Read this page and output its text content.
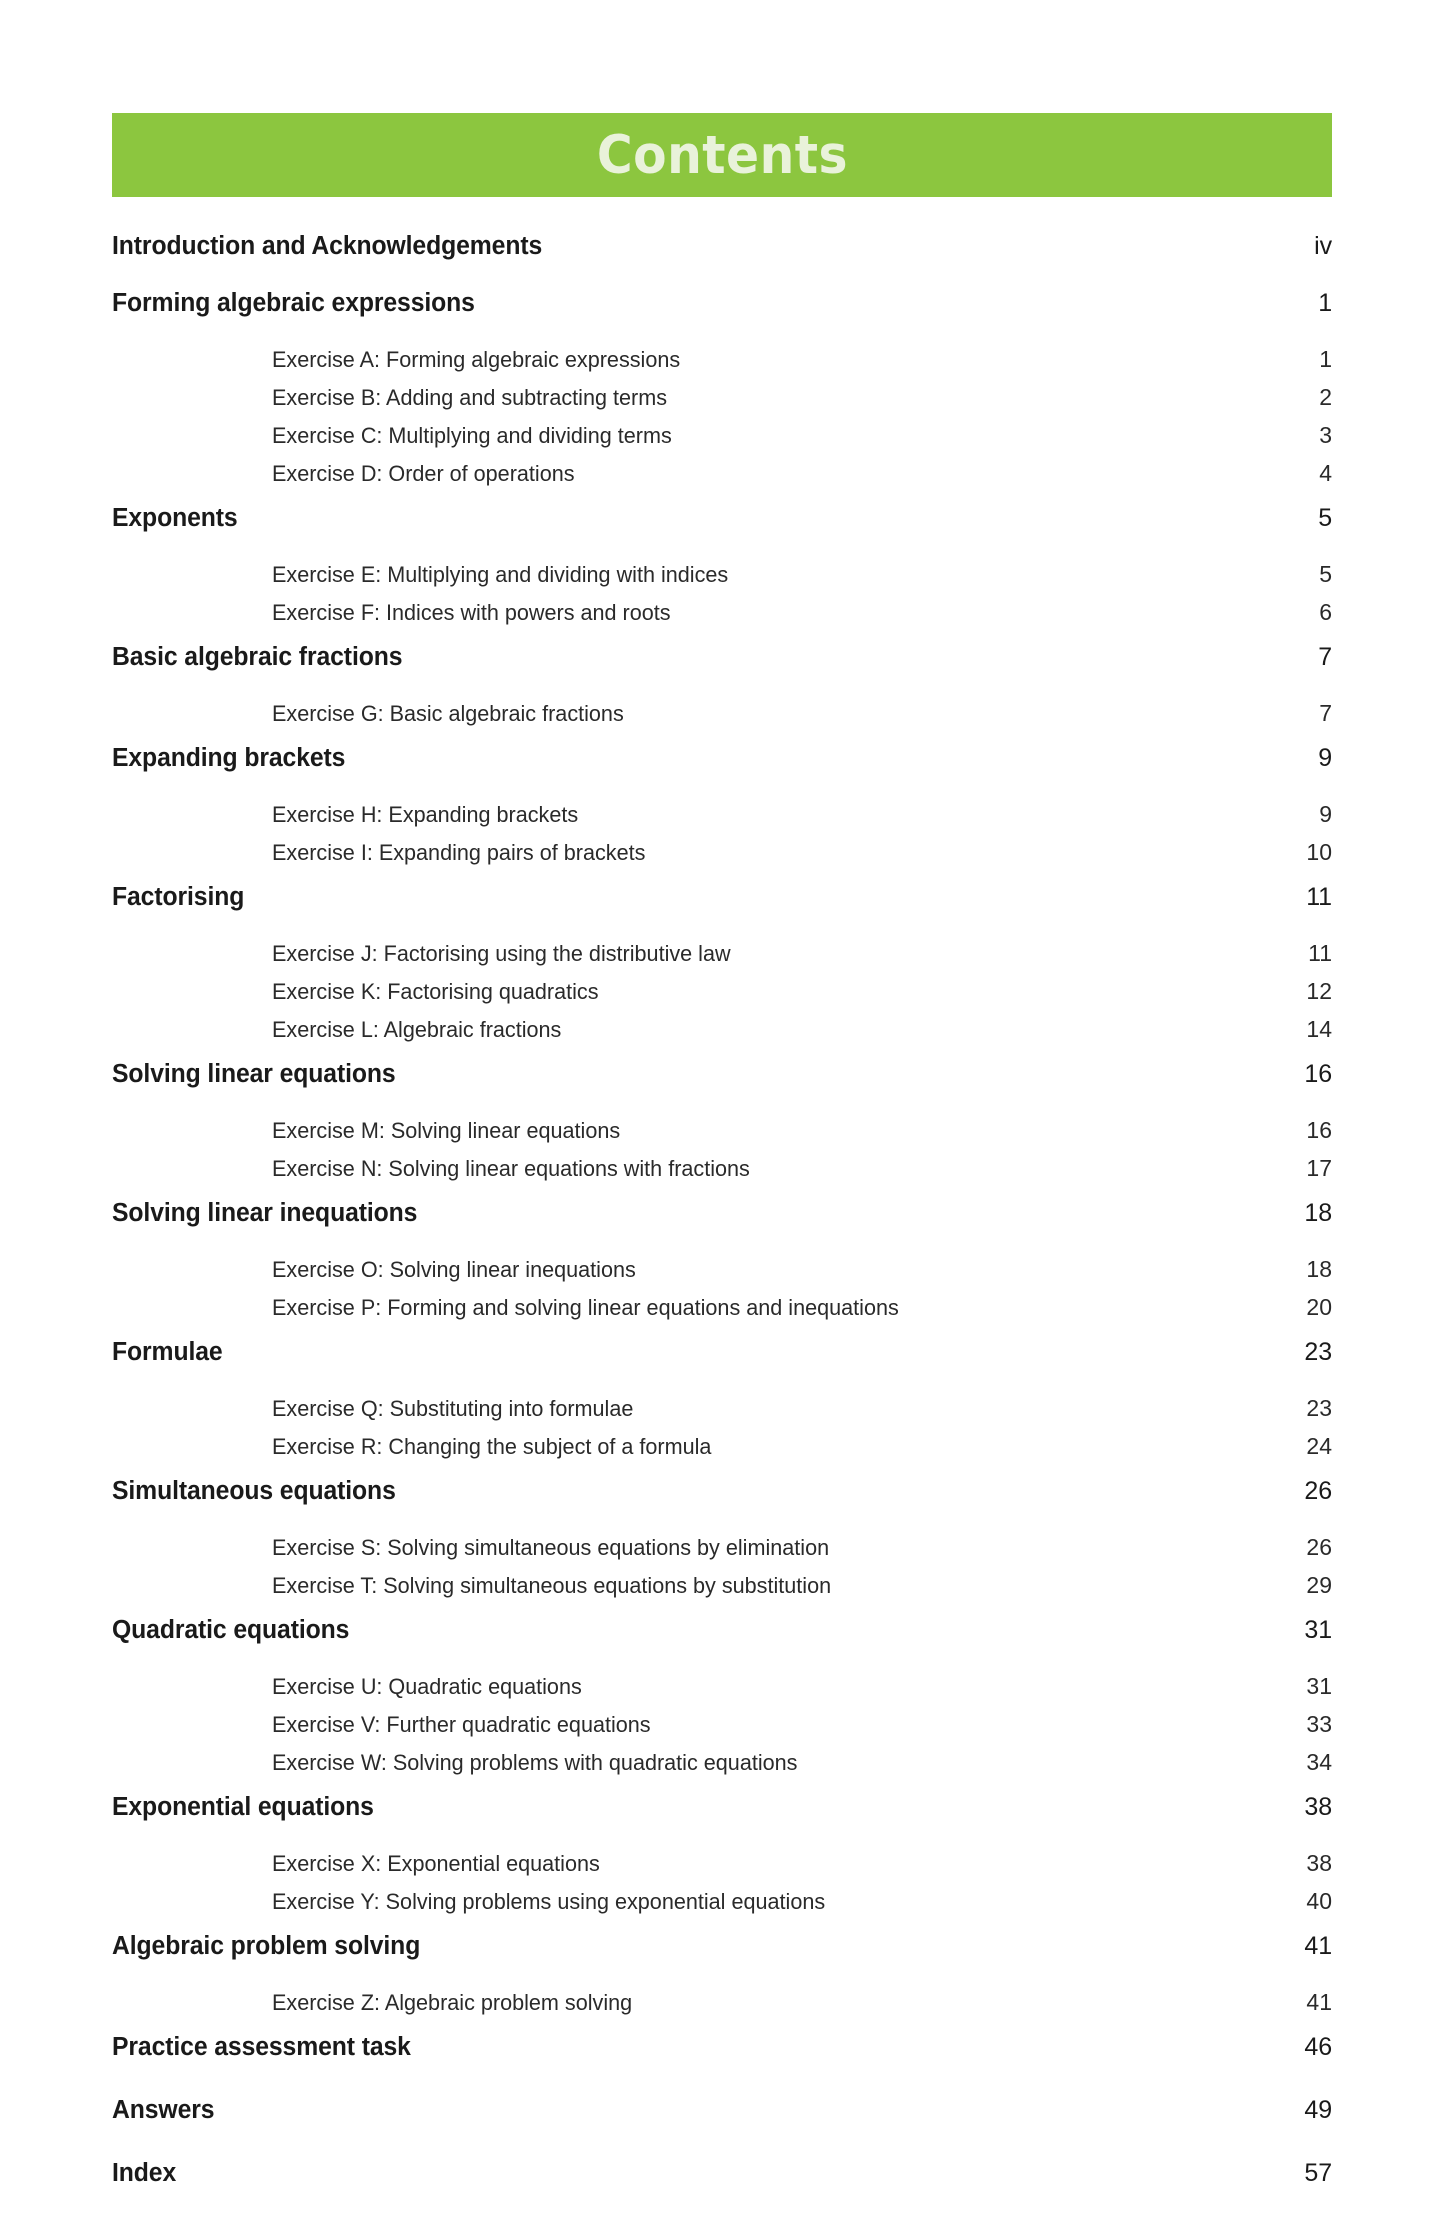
Contents
Introduction and Acknowledgements	iv
Forming algebraic expressions	1
Exercise A: Forming algebraic expressions	1
Exercise B: Adding and subtracting terms	2
Exercise C: Multiplying and dividing terms	3
Exercise D: Order of operations	4
Exponents	5
Exercise E: Multiplying and dividing with indices	5
Exercise F: Indices with powers and roots	6
Basic algebraic fractions	7
Exercise G: Basic algebraic fractions	7
Expanding brackets	9
Exercise H: Expanding brackets	9
Exercise I: Expanding pairs of brackets	10
Factorising	11
Exercise J: Factorising using the distributive law	11
Exercise K: Factorising quadratics	12
Exercise L: Algebraic fractions	14
Solving linear equations	16
Exercise M: Solving linear equations	16
Exercise N: Solving linear equations with fractions	17
Solving linear inequations	18
Exercise O: Solving linear inequations	18
Exercise P: Forming and solving linear equations and inequations	20
Formulae	23
Exercise Q: Substituting into formulae	23
Exercise R: Changing the subject of a formula	24
Simultaneous equations	26
Exercise S: Solving simultaneous equations by elimination	26
Exercise T: Solving simultaneous equations by substitution	29
Quadratic equations	31
Exercise U: Quadratic equations	31
Exercise V: Further quadratic equations	33
Exercise W: Solving problems with quadratic equations	34
Exponential equations	38
Exercise X: Exponential equations	38
Exercise Y: Solving problems using exponential equations	40
Algebraic problem solving	41
Exercise Z: Algebraic problem solving	41
Practice assessment task	46
Answers	49
Index	57
